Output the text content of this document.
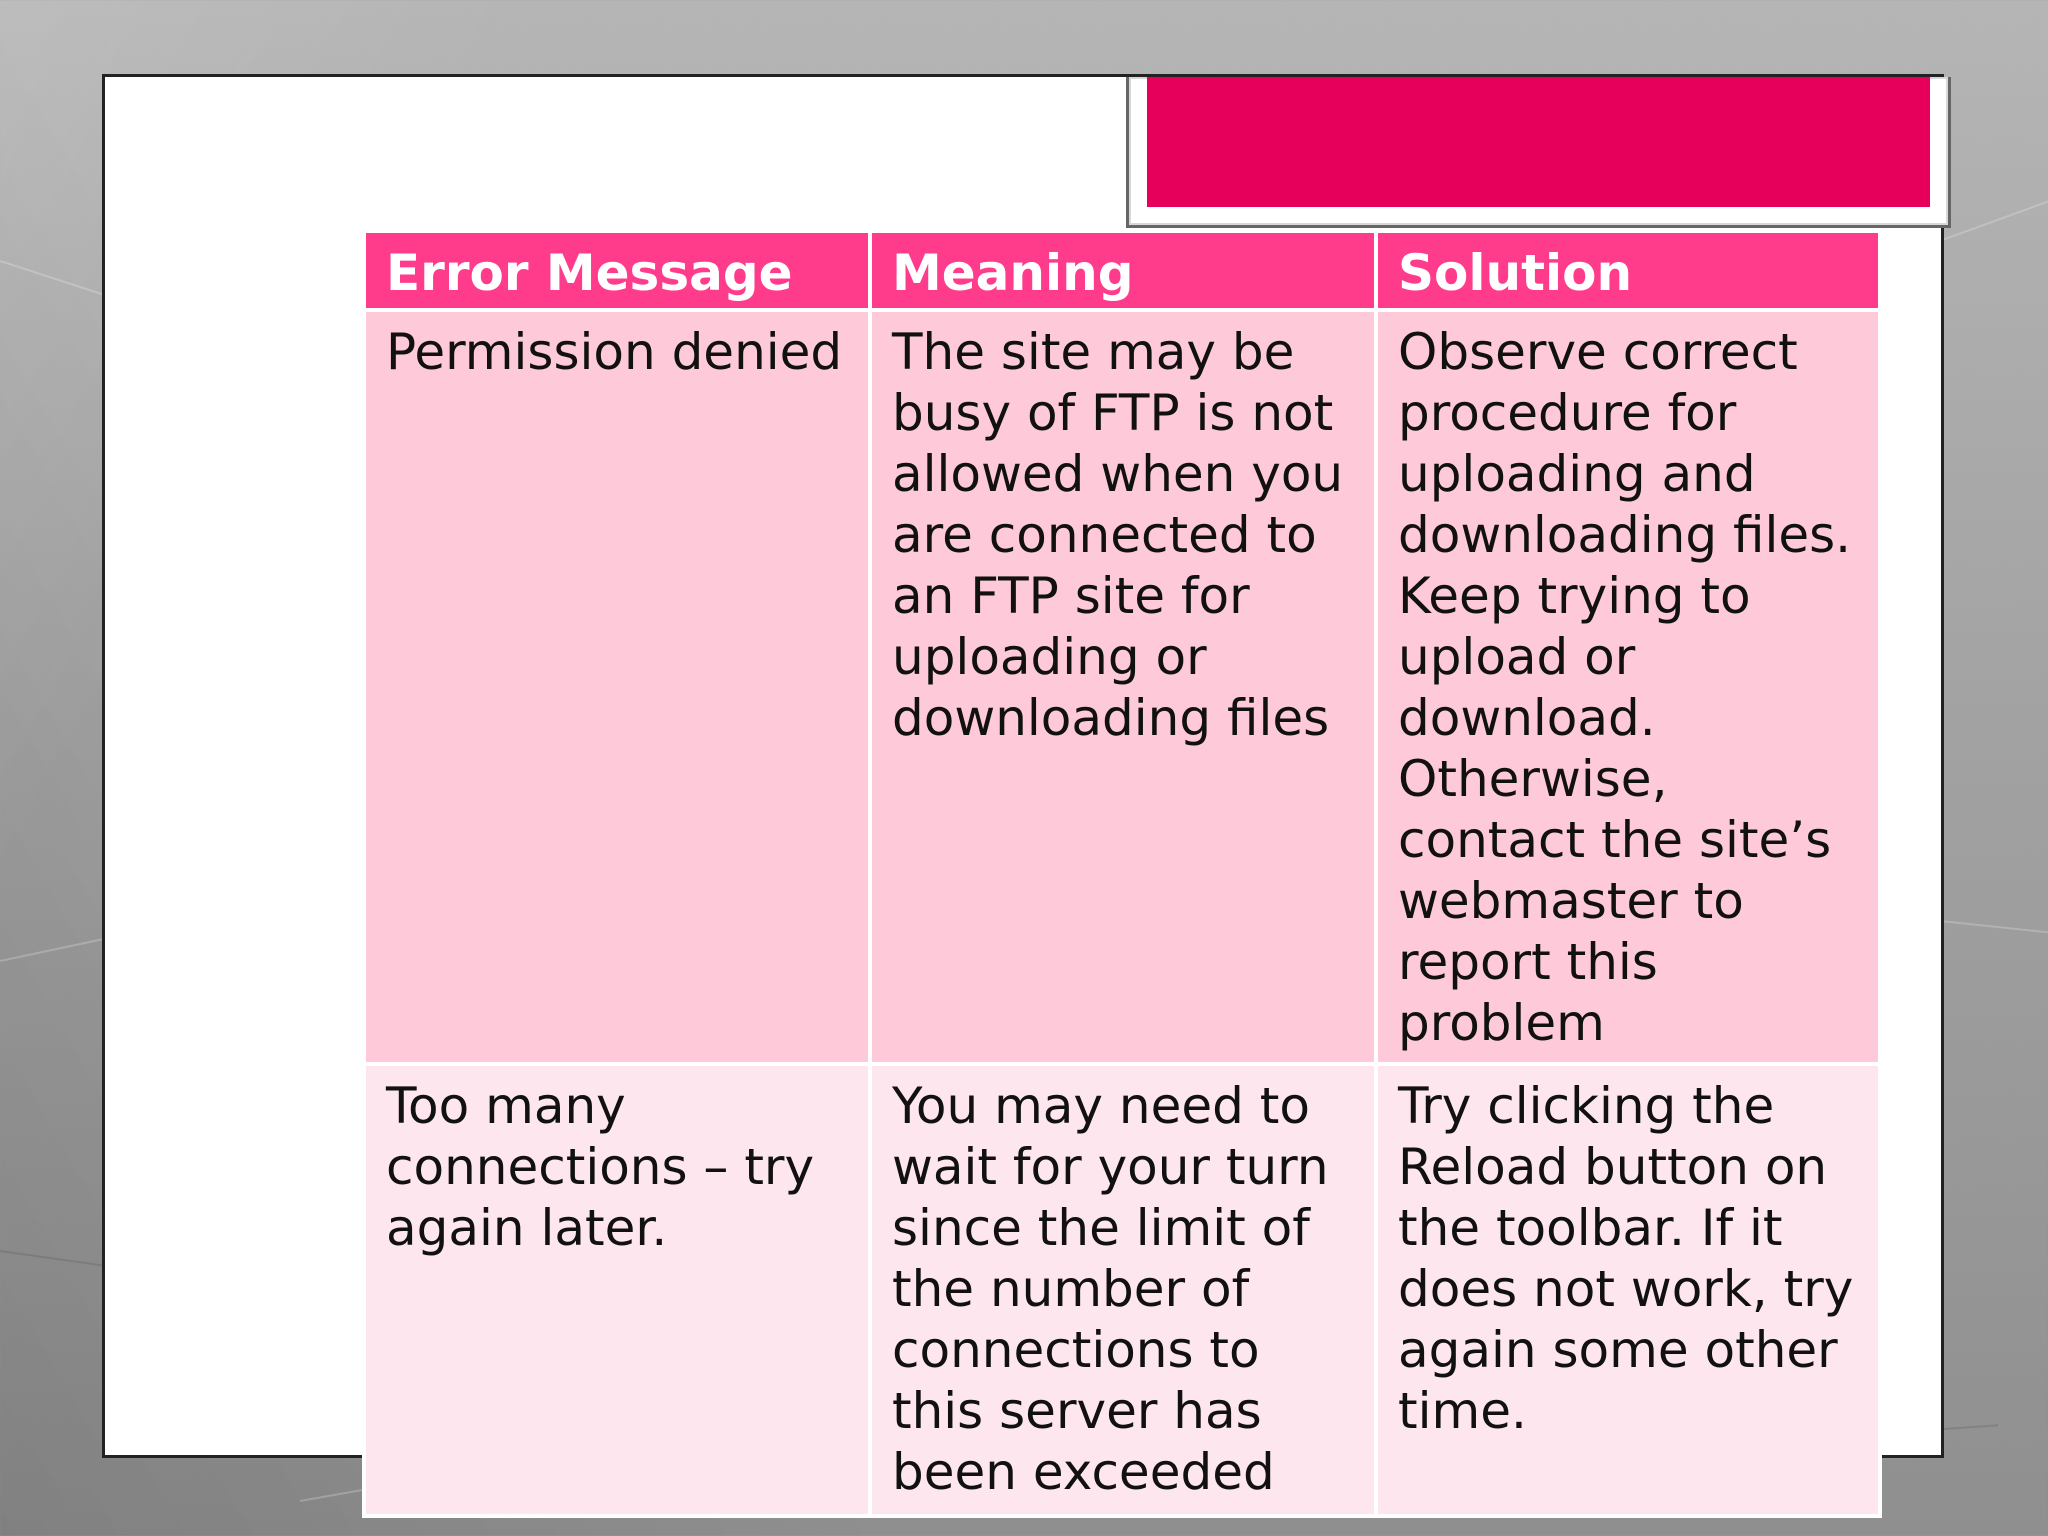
Error Message	Meaning	Solution
Permission denied	The site may be busy of FTP is not allowed when you are connected to an FTP site for uploading or downloading files	Observe correct procedure for uploading and downloading files. Keep trying to upload or download. Otherwise, contact the site’s webmaster to report this problem
Too many connections – try again later.	You may need to wait for your turn since the limit of the number of connections to this server has been exceeded	Try clicking the Reload button on the toolbar. If it does not work, try again some other time.
